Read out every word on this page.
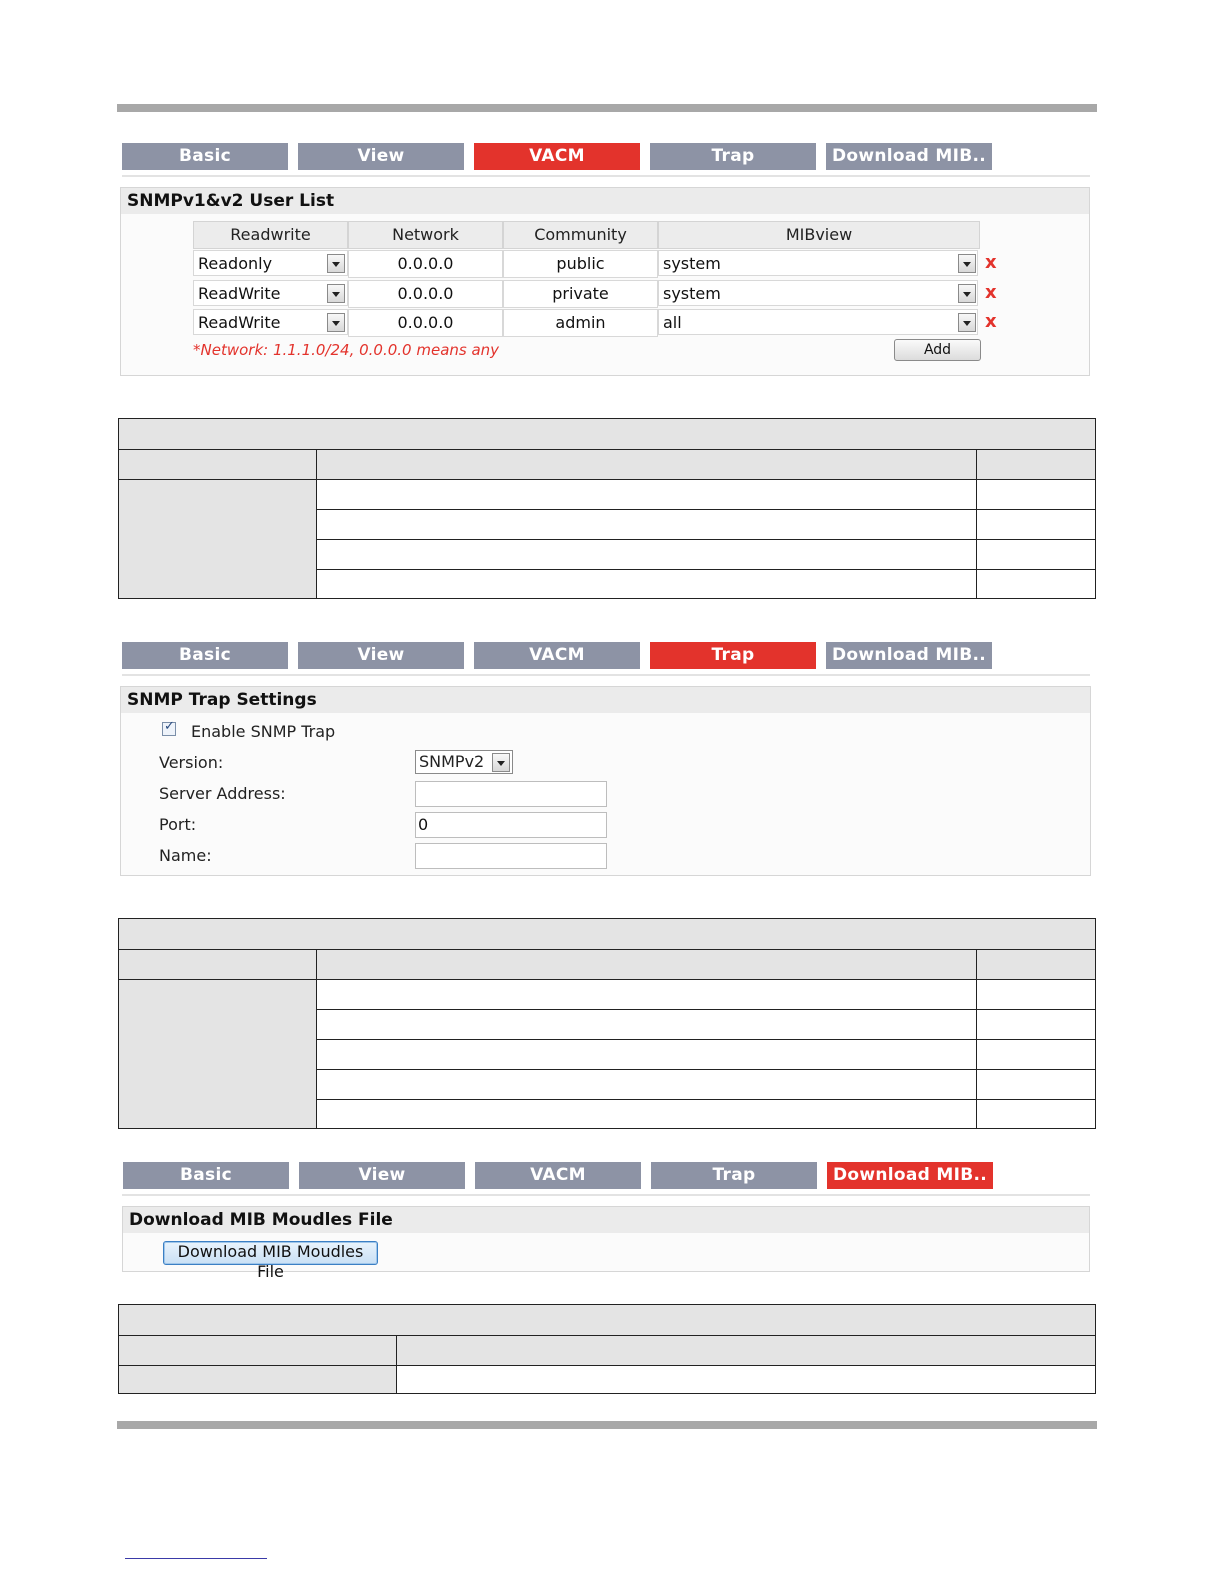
Basic	View	VACM	Trap	Download MIB..
SNMPv1&v2 User List
Readwrite	Network	Community	MIBview
Readonly	0.0.0.0	public	system	x
ReadWrite	0.0.0.0	private	system	x
ReadWrite	0.0.0.0	admin	all	x
*Network: 1.1.1.0/24, 0.0.0.0 means any	Add
Basic	View	VACM	Trap	Download MIB..
SNMP Trap Settings
✓
Enable SNMP Trap
Version:	SNMPv2
Server Address:
Port:	0
Name:
Basic	View	VACM	Trap	Download MIB..
Download MIB Moudles File
Download MIB Moudles File
